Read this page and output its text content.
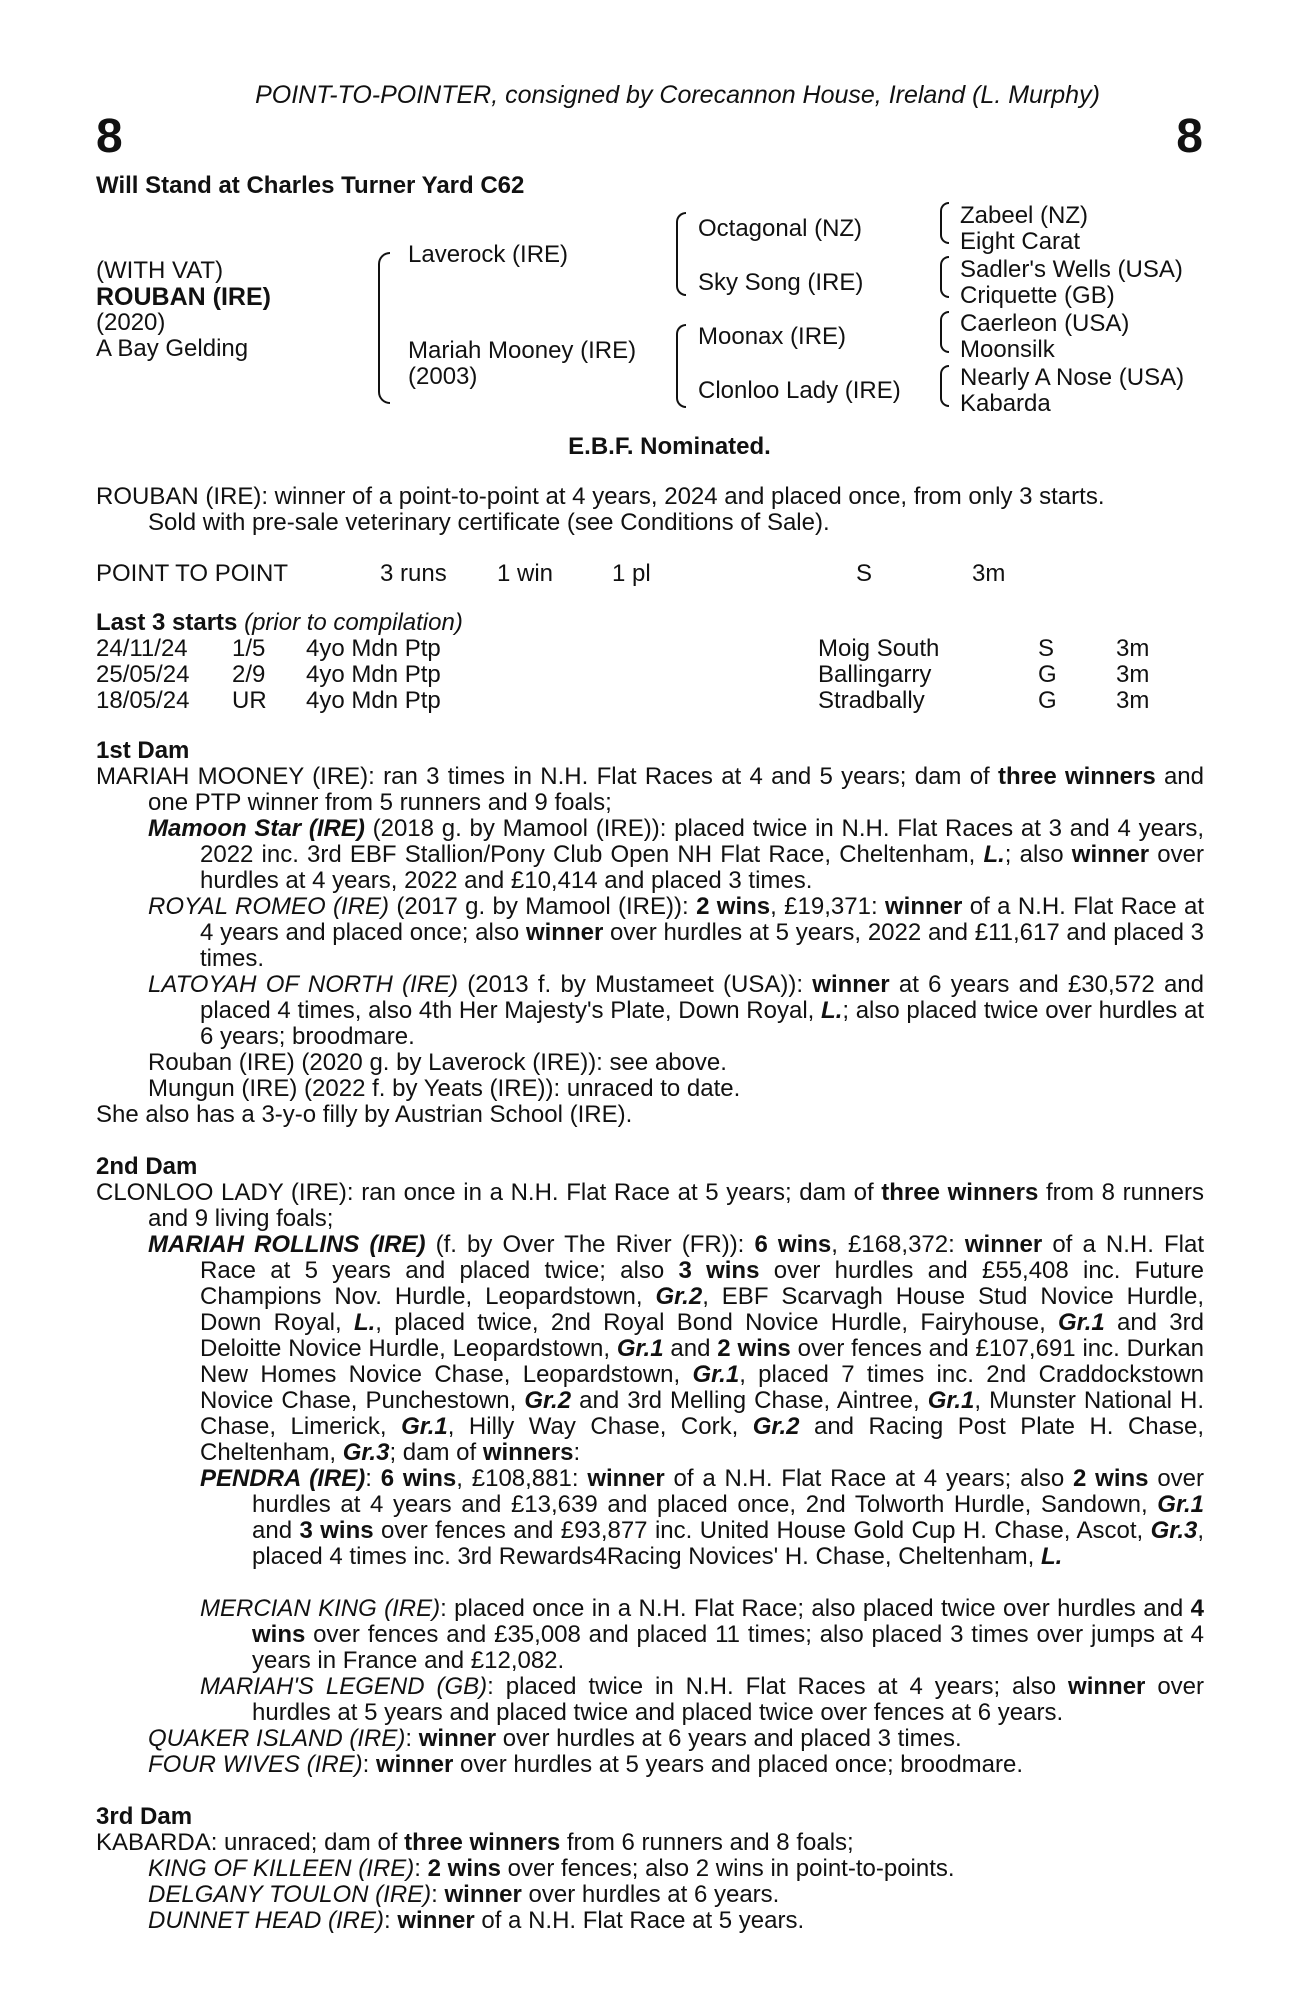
POINT-TO-POINTER, consigned by Corecannon House, Ireland (L. Murphy)
8	8
Will Stand at Charles Turner Yard C62
(WITH VAT)
ROUBAN (IRE)
(2020)
A Bay Gelding
Laverock (IRE)
Mariah Mooney (IRE)
(2003)
Octagonal (NZ)
Sky Song (IRE)
Moonax (IRE)
Clonloo Lady (IRE)
Zabeel (NZ)
Eight Carat
Sadler's Wells (USA)
Criquette (GB)
Caerleon (USA)
Moonsilk
Nearly A Nose (USA)
Kabarda
E.B.F. Nominated.
ROUBAN (IRE): winner of a point-to-point at 4 years, 2024 and placed once, from only 3 starts.
Sold with pre-sale veterinary certificate (see Conditions of Sale).
POINT TO POINT	3 runs 1 win 1 pl	S	3m
Last 3 starts (prior to compilation)
24/11/24 1/5 4yo Mdn Ptp	Moig South	S	3m
25/05/24 2/9 4yo Mdn Ptp	Ballingarry	G 3m
18/05/24 UR 4yo Mdn Ptp	Stradbally	G 3m
1st Dam
MARIAH MOONEY (IRE): ran 3 times in N.H. Flat Races at 4 and 5 years; dam of three winners and one PTP winner from 5 runners and 9 foals;
Mamoon Star (IRE) (2018 g. by Mamool (IRE)): placed twice in N.H. Flat Races at 3 and 4 years, 2022 inc. 3rd EBF Stallion/Pony Club Open NH Flat Race, Cheltenham, L.; also winner over hurdles at 4 years, 2022 and £10,414 and placed 3 times.
ROYAL ROMEO (IRE) (2017 g. by Mamool (IRE)): 2 wins, £19,371: winner of a N.H. Flat Race at 4 years and placed once; also winner over hurdles at 5 years, 2022 and £11,617 and placed 3 times.
LATOYAH OF NORTH (IRE) (2013 f. by Mustameet (USA)): winner at 6 years and £30,572 and placed 4 times, also 4th Her Majesty's Plate, Down Royal, L.; also placed twice over hurdles at 6 years; broodmare.
Rouban (IRE) (2020 g. by Laverock (IRE)): see above.
Mungun (IRE) (2022 f. by Yeats (IRE)): unraced to date.
She also has a 3-y-o filly by Austrian School (IRE).
2nd Dam
CLONLOO LADY (IRE): ran once in a N.H. Flat Race at 5 years; dam of three winners from 8 runners and 9 living foals;
MARIAH ROLLINS (IRE) (f. by Over The River (FR)): 6 wins, £168,372: winner of a N.H. Flat Race at 5 years and placed twice; also 3 wins over hurdles and £55,408 inc. Future Champions Nov. Hurdle, Leopardstown, Gr.2, EBF Scarvagh House Stud Novice Hurdle, Down Royal, L., placed twice, 2nd Royal Bond Novice Hurdle, Fairyhouse, Gr.1 and 3rd Deloitte Novice Hurdle, Leopardstown, Gr.1 and 2 wins over fences and £107,691 inc. Durkan New Homes Novice Chase, Leopardstown, Gr.1, placed 7 times inc. 2nd Craddockstown Novice Chase, Punchestown, Gr.2 and 3rd Melling Chase, Aintree, Gr.1, Munster National H. Chase, Limerick, Gr.1, Hilly Way Chase, Cork, Gr.2 and Racing Post Plate H. Chase, Cheltenham, Gr.3; dam of winners:
PENDRA (IRE): 6 wins, £108,881: winner of a N.H. Flat Race at 4 years; also 2 wins over hurdles at 4 years and £13,639 and placed once, 2nd Tolworth Hurdle, Sandown, Gr.1 and 3 wins over fences and £93,877 inc. United House Gold Cup H. Chase, Ascot, Gr.3, placed 4 times inc. 3rd Rewards4Racing Novices' H. Chase, Cheltenham, L.
MERCIAN KING (IRE): placed once in a N.H. Flat Race; also placed twice over hurdles and 4 wins over fences and £35,008 and placed 11 times; also placed 3 times over jumps at 4 years in France and £12,082.
MARIAH'S LEGEND (GB): placed twice in N.H. Flat Races at 4 years; also winner over hurdles at 5 years and placed twice and placed twice over fences at 6 years.
QUAKER ISLAND (IRE): winner over hurdles at 6 years and placed 3 times.
FOUR WIVES (IRE): winner over hurdles at 5 years and placed once; broodmare.
3rd Dam
KABARDA: unraced; dam of three winners from 6 runners and 8 foals;
KING OF KILLEEN (IRE): 2 wins over fences; also 2 wins in point-to-points.
DELGANY TOULON (IRE): winner over hurdles at 6 years.
DUNNET HEAD (IRE): winner of a N.H. Flat Race at 5 years.
